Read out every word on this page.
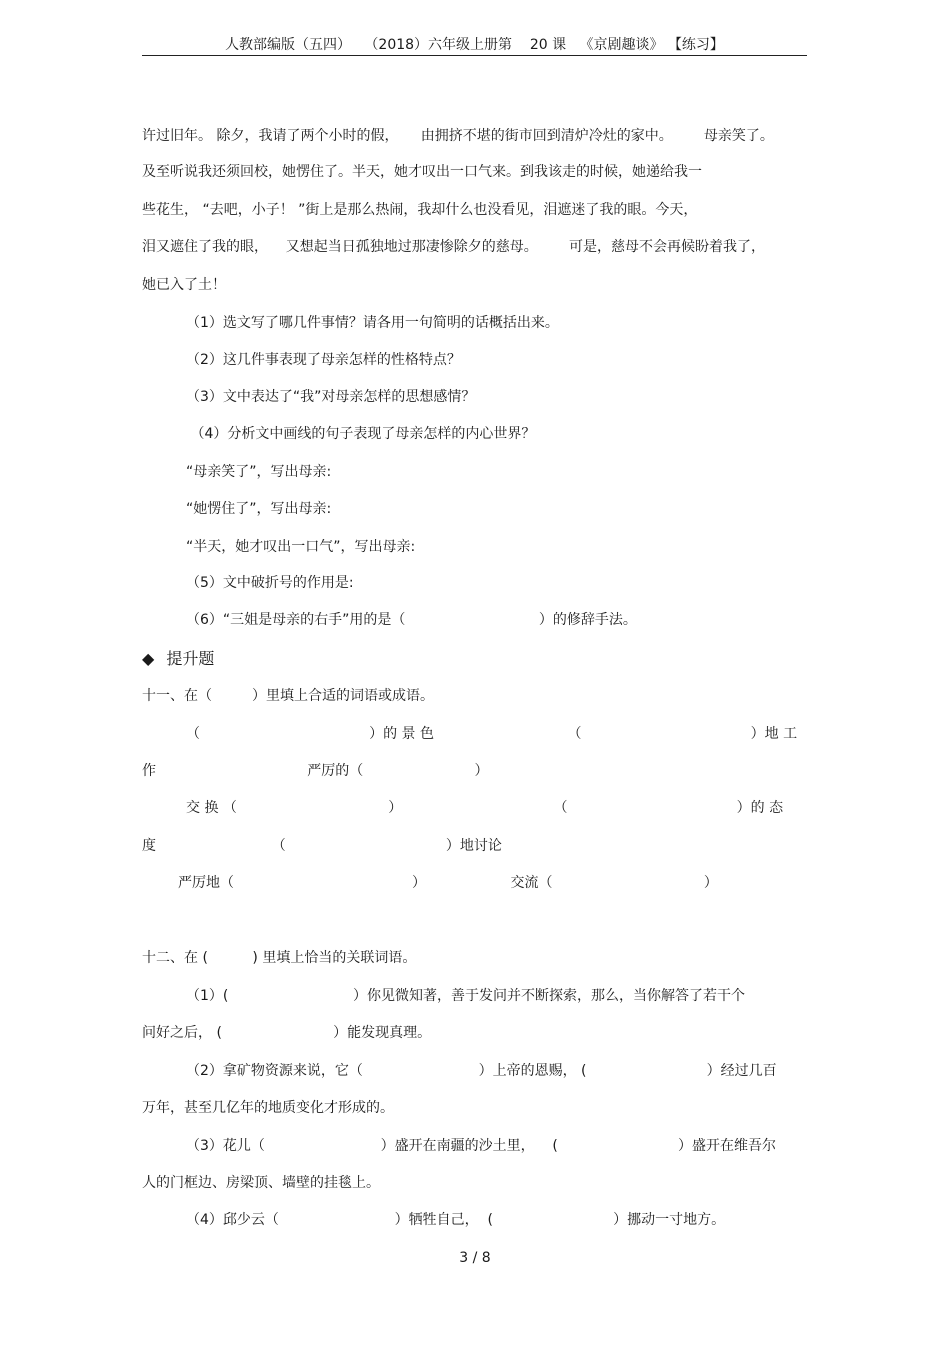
人教部编版（五四）   （2018）六年级上册第    20 课   《京剧趣谈》 【练习】
许过旧年。 除夕，我请了两个小时的假，     由拥挤不堪的街市回到清炉冷灶的家中。       母亲笑了。
及至听说我还须回校，她愣住了。半天，她才叹出一口气来。到我该走的时候，她递给我一
些花生， “去吧，小子！ ”街上是那么热闹，我却什么也没看见，泪遮迷了我的眼。今天，
泪又遮住了我的眼，    又想起当日孤独地过那凄惨除夕的慈母。       可是，慈母不会再候盼着我了，
她已入了土！
（1）选文写了哪几件事情？请各用一句简明的话概括出来。
（2）这几件事表现了母亲怎样的性格特点？
（3）文中表达了“我”对母亲怎样的思想感情？
（4）分析文中画线的句子表现了母亲怎样的内心世界？
“母亲笑了”，写出母亲:
“她愣住了”，写出母亲:
“半天，她才叹出一口气”，写出母亲:
（5）文中破折号的作用是:
（6）“三姐是母亲的右手”用的是（                              ）的修辞手法。
◆ 提升题
十一、在（         ）里填上合适的词语或成语。
（                                      ）的 景 色                              （                                      ）地 工
作                                  严厉的（                         ）
交 换 （                                  ）                                  （                                      ）的 态
度                          （                                    ）地讨论
严厉地（                                        ）                   交流（                                  ）
十二、在 (          ) 里填上恰当的关联词语。
（1）(                            ）你见微知著，善于发问并不断探索，那么，当你解答了若干个
问好之后， (                         ）能发现真理。
（2）拿矿物资源来说，它（                          ）上帝的恩赐， (                           ）经过几百
万年，甚至几亿年的地质变化才形成的。
（3）花儿（                          ）盛开在南疆的沙土里，    (                           ）盛开在维吾尔
人的门框边、房梁顶、墙壁的挂毯上。
（4）邱少云（                          ）牺牲自己，  (                           ）挪动一寸地方。
3 / 8
